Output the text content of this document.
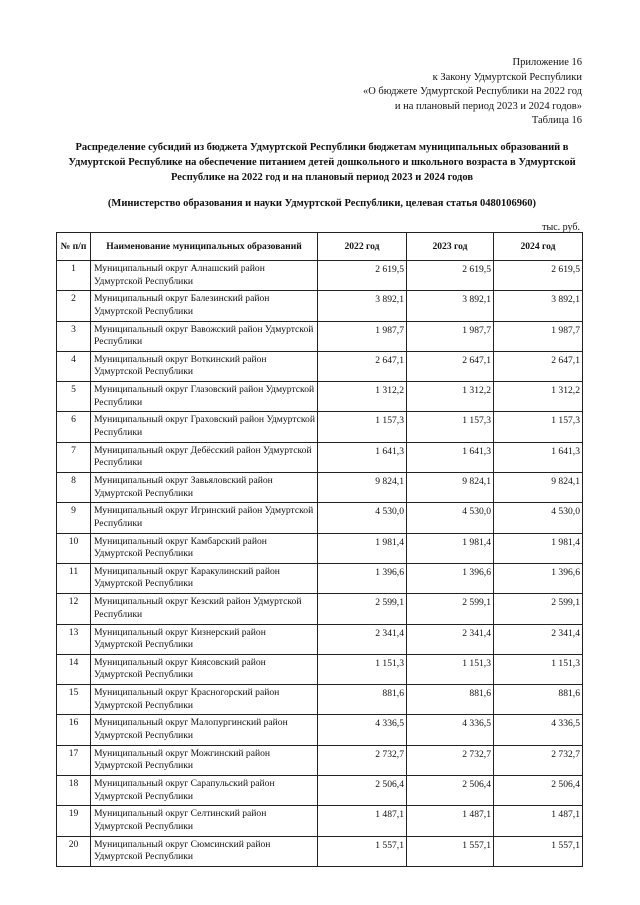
Приложение 16
к Закону Удмуртской Республики
«О бюджете Удмуртской Республики на 2022 год
и на плановый период 2023 и 2024 годов»
Таблица 16
Распределение субсидий из бюджета Удмуртской Республики бюджетам муниципальных образований в Удмуртской Республике на обеспечение питанием детей дошкольного и школьного возраста в Удмуртской Республике на 2022 год и на плановый период 2023 и 2024 годов
(Министерство образования и науки Удмуртской Республики, целевая статья 0480106960)
тыс. руб.
№ п/п	Наименование муниципальных образований	2022 год	2023 год	2024 год
1	Муниципальный округ Алнашский район Удмуртской Республики	2 619,5	2 619,5	2 619,5
2	Муниципальный округ Балезинский район Удмуртской Республики	3 892,1	3 892,1	3 892,1
3	Муниципальный округ Вавожский район Удмуртской Республики	1 987,7	1 987,7	1 987,7
4	Муниципальный округ Воткинский район Удмуртской Республики	2 647,1	2 647,1	2 647,1
5	Муниципальный округ Глазовский район Удмуртской Республики	1 312,2	1 312,2	1 312,2
6	Муниципальный округ Граховский район Удмуртской Республики	1 157,3	1 157,3	1 157,3
7	Муниципальный округ Дебёсский район Удмуртской Республики	1 641,3	1 641,3	1 641,3
8	Муниципальный округ Завьяловский район Удмуртской Республики	9 824,1	9 824,1	9 824,1
9	Муниципальный округ Игринский район Удмуртской Республики	4 530,0	4 530,0	4 530,0
10	Муниципальный округ Камбарский район Удмуртской Республики	1 981,4	1 981,4	1 981,4
11	Муниципальный округ Каракулинский район Удмуртской Республики	1 396,6	1 396,6	1 396,6
12	Муниципальный округ Кезский район Удмуртской Республики	2 599,1	2 599,1	2 599,1
13	Муниципальный округ Кизнерский район Удмуртской Республики	2 341,4	2 341,4	2 341,4
14	Муниципальный округ Киясовский район Удмуртской Республики	1 151,3	1 151,3	1 151,3
15	Муниципальный округ Красногорский район Удмуртской Республики	881,6	881,6	881,6
16	Муниципальный округ Малопургинский район Удмуртской Республики	4 336,5	4 336,5	4 336,5
17	Муниципальный округ Можгинский район Удмуртской Республики	2 732,7	2 732,7	2 732,7
18	Муниципальный округ Сарапульский район Удмуртской Республики	2 506,4	2 506,4	2 506,4
19	Муниципальный округ Селтинский район Удмуртской Республики	1 487,1	1 487,1	1 487,1
20	Муниципальный округ Сюмсинский район Удмуртской Республики	1 557,1	1 557,1	1 557,1
